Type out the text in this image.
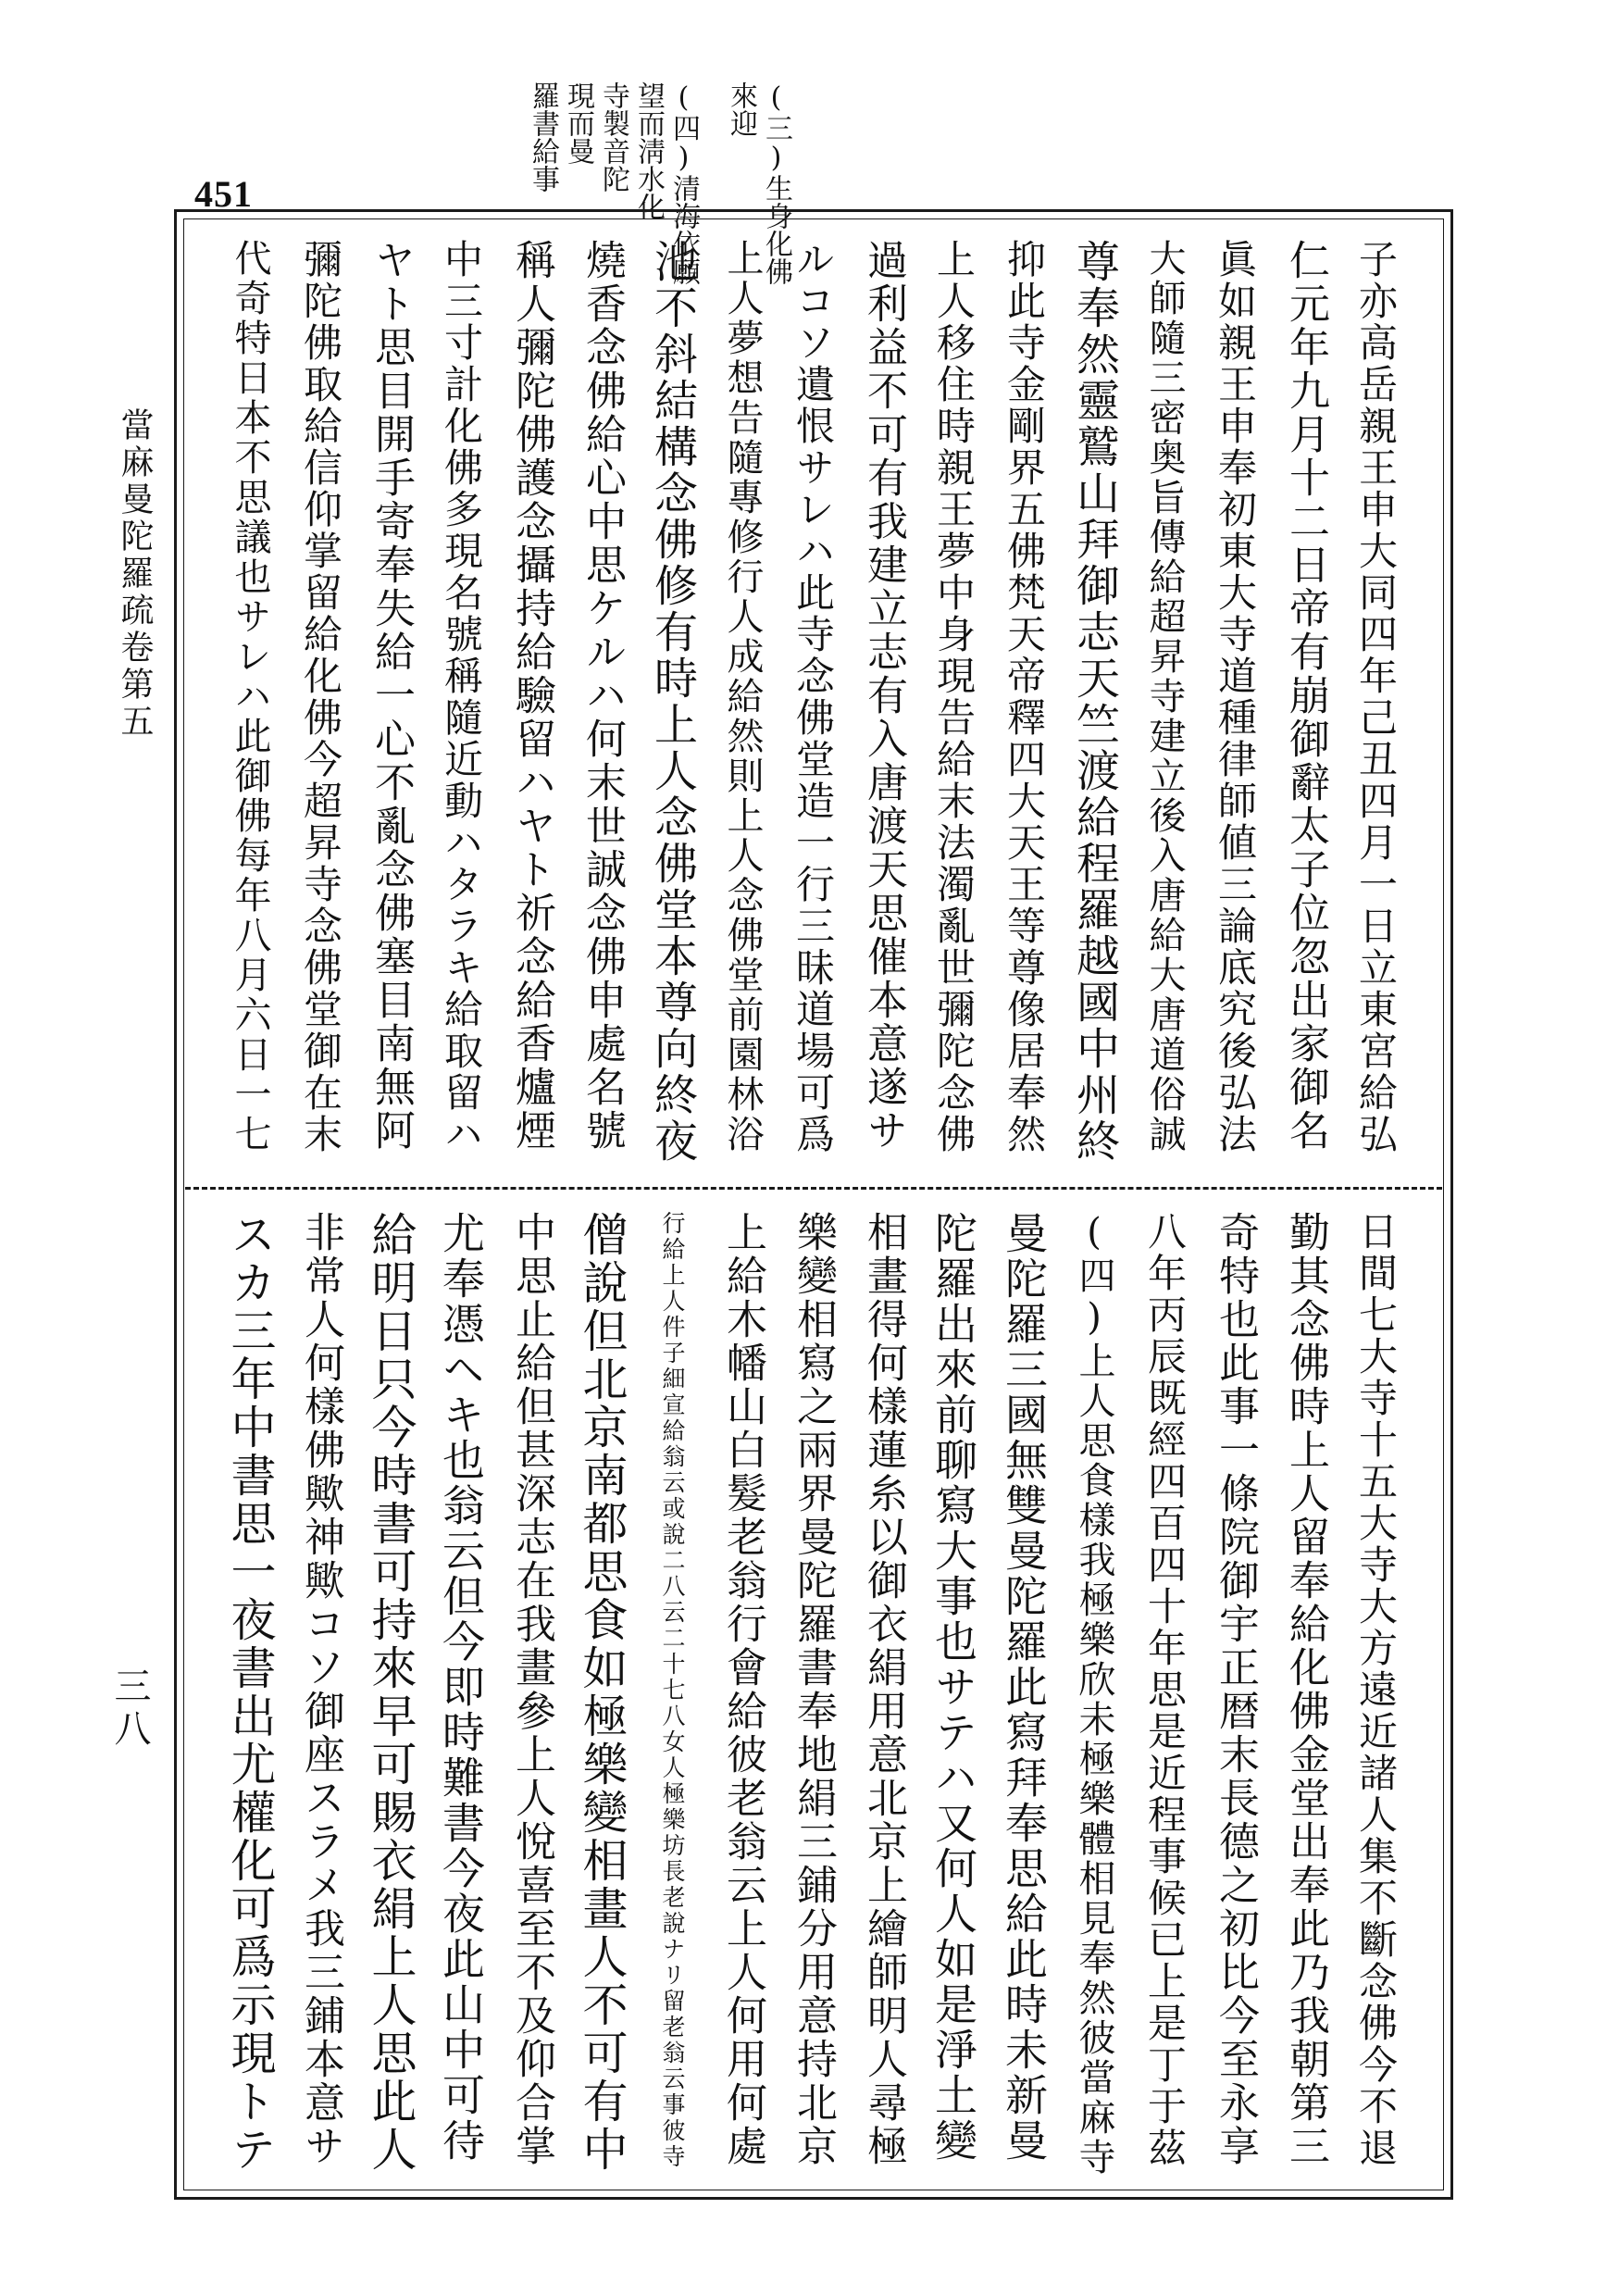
451	(三)生身化佛
來迎
(四)清海依願
望而淸水化
寺製音陀
現而曼
羅書給事
子亦高岳親王申大同四年己丑四月一日立東宮給弘
仁元年九月十二日帝有崩御辭太子位忽出家御名
眞如親王申奉初東大寺道種律師値三論底究後弘法
大師隨三密奥旨傳給超昇寺建立後入唐給大唐道俗誠
尊奉然靈鷲山拜御志天竺渡給程羅越國中州終
抑此寺金剛界五佛梵天帝釋四大天王等尊像居奉然
上人移住時親王夢中身現告給末法濁亂世彌陀念佛
過利益不可有我建立志有入唐渡天思催本意遂サ
ルコソ遺恨サレハ此寺念佛堂造一行三昧道場可爲
上人夢想告隨專修行人成給然則上人念佛堂前園林浴
池不斜結構念佛修有時上人念佛堂本尊向終夜
燒香念佛給心中思ケルハ何末世誠念佛申處名號
稱人彌陀佛護念攝持給驗留ハヤト祈念給香爐煙
中三寸計化佛多現名號稱隨近動ハタラキ給取留ハ
ヤト思目開手寄奉失給一心不亂念佛塞目南無阿
彌陀佛取給信仰掌留給化佛今超昇寺念佛堂御在末
代奇特日本不思議也サレハ此御佛每年八月六日一七
日間七大寺十五大寺大方遠近諸人集不斷念佛今不退
勤其念佛時上人留奉給化佛金堂出奉此乃我朝第三
奇特也此事一條院御宇正暦末長德之初比今至永享
八年丙辰既經四百四十年思是近程事候已上是丁于茲
(四)上人思食樣我極樂欣未極樂體相見奉然彼當麻寺
曼陀羅三國無雙曼陀羅此寫拜奉思給此時未新曼
陀羅出來前聊寫大事也サテハ又何人如是淨土變
相畫得何樣蓮糸以御衣絹用意北京上繪師明人尋極
樂變相寫之兩界曼陀羅書奉地絹三鋪分用意持北京
上給木幡山白髮老翁行會給彼老翁云上人何用何處
行給上人件子細宣給翁云或說二八云二十七八女人極樂坊長老說ナリ留老翁云事彼寺
僧說但北京南都思食如極樂變相畫人不可有中
中思止給但甚深志在我畫參上人悅喜至不及仰合掌
尤奉憑ヘキ也翁云但今即時難書今夜此山中可待
給明日只今時書可持來早可賜衣絹上人思此人
非常人何樣佛歟神歟コソ御座スラメ我三鋪本意サ
スカ三年中書思一夜書出尤權化可爲示現トテ
當麻曼陀羅疏卷第五
三八
